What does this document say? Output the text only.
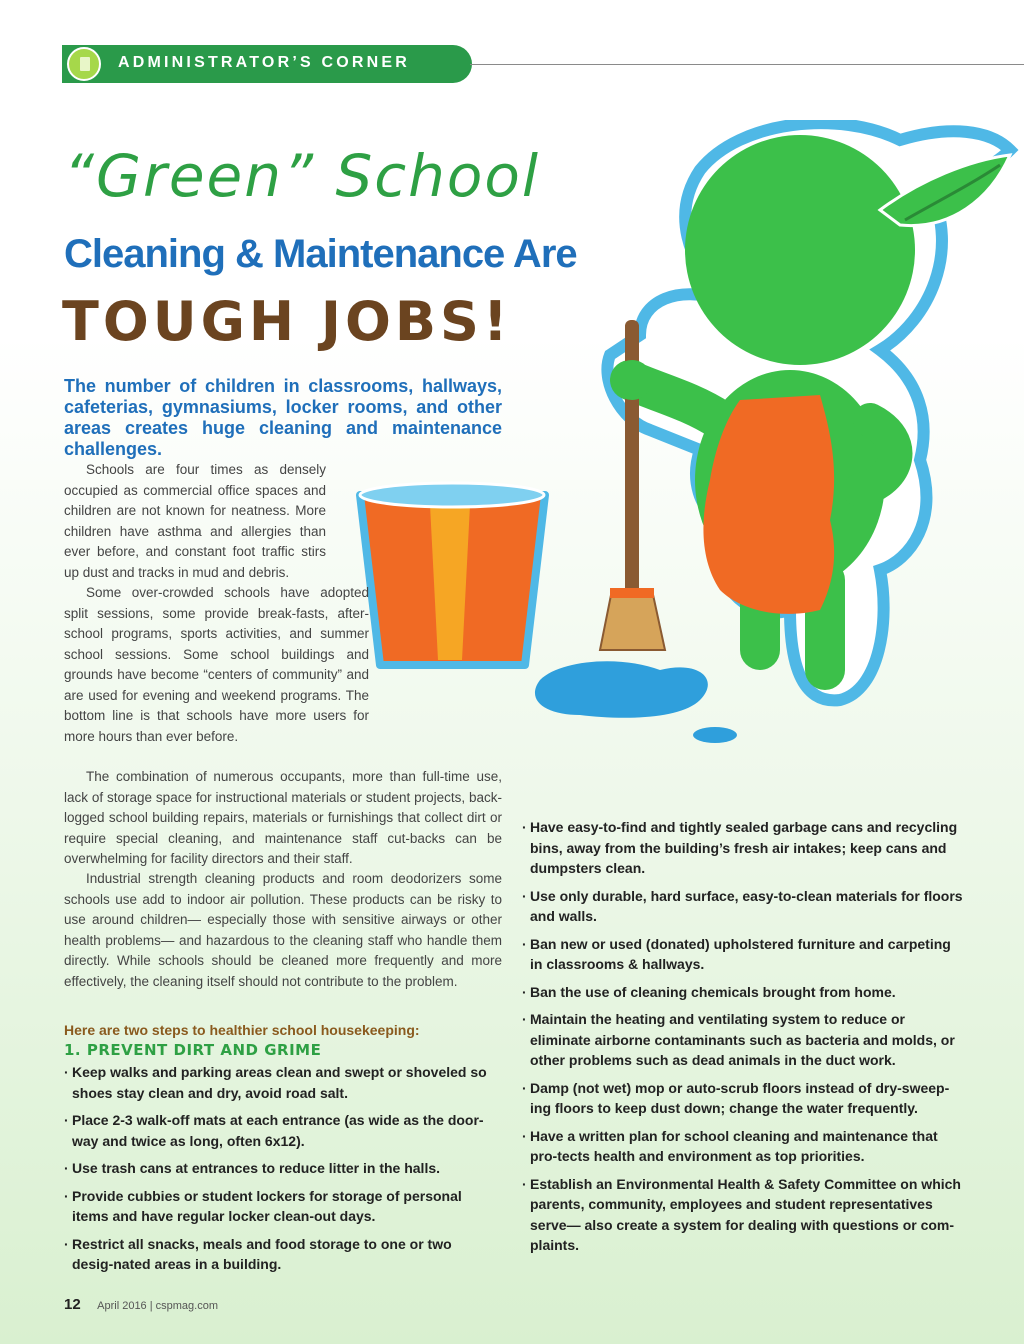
ADMINISTRATOR’S CORNER
“Green” School
Cleaning & Maintenance Are
TOUGH JOBS!
The number of children in classrooms, hallways, cafeterias, gymnasiums, locker rooms, and other areas creates huge cleaning and maintenance challenges.

Schools are four times as densely occupied as commercial office spaces and children are not known for neatness. More children have asthma and allergies than ever before, and constant foot traffic stirs up dust and tracks in mud and debris.

Some over-crowded schools have adopted split sessions, some provide break-fasts, after-school programs, sports activities, and summer school sessions. Some school buildings and grounds have become “centers of community” and are used for evening and weekend programs. The bottom line is that schools have more users for more hours than ever before.

The combination of numerous occupants, more than full-time use, lack of storage space for instructional materials or student projects, back-logged school building repairs, materials or furnishings that collect dirt or require special cleaning, and maintenance staff cut-backs can be overwhelming for facility directors and their staff.

Industrial strength cleaning products and room deodorizers some schools use add to indoor air pollution. These products can be risky to use around children— especially those with sensitive airways or other health problems— and hazardous to the cleaning staff who handle them directly. While schools should be cleaned more frequently and more effectively, the cleaning itself should not contribute to the problem.

Here are two steps to healthier school housekeeping:
1. PREVENT DIRT AND GRIME
· Keep walks and parking areas clean and swept or shoveled so shoes stay clean and dry, avoid road salt.
· Place 2-3 walk-off mats at each entrance (as wide as the door-way and twice as long, often 6x12).
· Use trash cans at entrances to reduce litter in the halls.
· Provide cubbies or student lockers for storage of personal items and have regular locker clean-out days.
· Restrict all snacks, meals and food storage to one or two desig-nated areas in a building.
· Have easy-to-find and tightly sealed garbage cans and recycling bins, away from the building’s fresh air intakes; keep cans and dumpsters clean.
· Use only durable, hard surface, easy-to-clean materials for floors and walls.
· Ban new or used (donated) upholstered furniture and carpeting in classrooms & hallways.
· Ban the use of cleaning chemicals brought from home.
· Maintain the heating and ventilating system to reduce or eliminate airborne contaminants such as bacteria and molds, or other problems such as dead animals in the duct work.
· Damp (not wet) mop or auto-scrub floors instead of dry-sweep-ing floors to keep dust down; change the water frequently.
· Have a written plan for school cleaning and maintenance that pro-tects health and environment as top priorities.
· Establish an Environmental Health & Safety Committee on which parents, community, employees and student representatives serve— also create a system for dealing with questions or com-plaints.
12 April 2016 | cspmag.com
